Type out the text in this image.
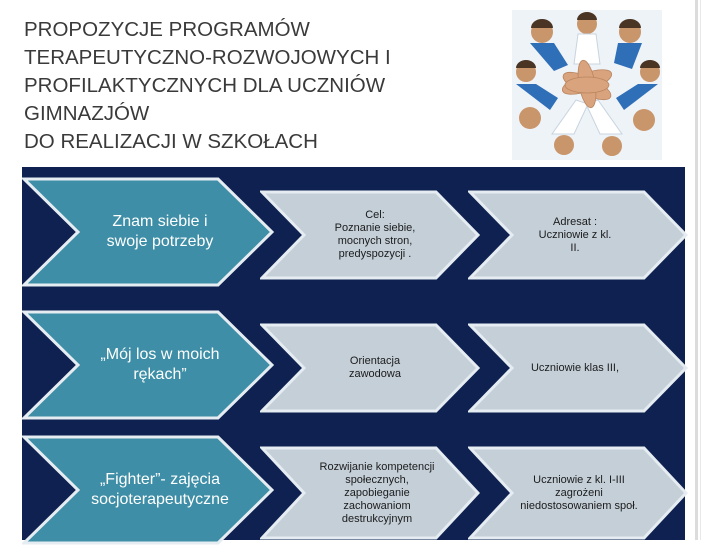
PROPOZYCJE PROGRAMÓW
TERAPEUTYCZNO-ROZWOJOWYCH I
PROFILAKTYCZNYCH DLA UCZNIÓW
GIMNAZJÓW
DO REALIZACJI W SZKOŁACH
Znam siebie i
swoje potrzeby
Cel:
Poznanie siebie,
mocnych stron,
predyspozycji .
Adresat :
Uczniowie z kl.
II.
„Mój los w moich
rękach”
Orientacja
zawodowa
Uczniowie klas III,
„Fighter”- zajęcia
socjoterapeutyczne
Rozwijanie kompetencji
społecznych,
zapobieganie
zachowaniom
destrukcyjnym
Uczniowie z kl. I-III
zagrożeni
niedostosowaniem społ.
